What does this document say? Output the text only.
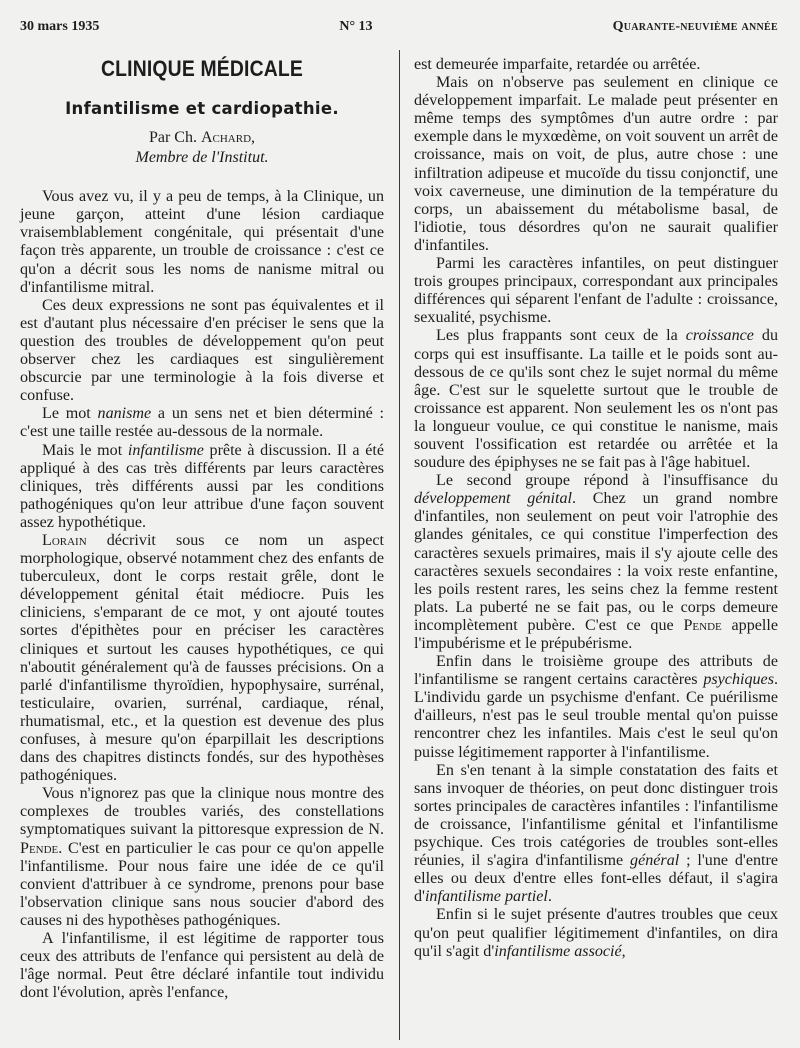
30 mars 1935	N° 13	Quarante-neuvième année
CLINIQUE MÉDICALE
Infantilisme et cardiopathie.

Par Ch. Achard,

Membre de l'Institut.

Vous avez vu, il y a peu de temps, à la Clinique, un jeune garçon, atteint d'une lésion cardiaque vraisemblablement congénitale, qui présentait d'une façon très apparente, un trouble de croissance : c'est ce qu'on a décrit sous les noms de nanisme mitral ou d'infantilisme mitral.

Ces deux expressions ne sont pas équivalentes et il est d'autant plus nécessaire d'en préciser le sens que la question des troubles de développement qu'on peut observer chez les cardiaques est singulièrement obscurcie par une terminologie à la fois diverse et confuse.

Le mot nanisme a un sens net et bien déterminé : c'est une taille restée au-dessous de la normale.

Mais le mot infantilisme prête à discussion. Il a été appliqué à des cas très différents par leurs caractères cliniques, très différents aussi par les conditions pathogéniques qu'on leur attribue d'une façon souvent assez hypothétique.

Lorain décrivit sous ce nom un aspect morphologique, observé notamment chez des enfants de tuberculeux, dont le corps restait grêle, dont le développement génital était médiocre. Puis les cliniciens, s'emparant de ce mot, y ont ajouté toutes sortes d'épithètes pour en préciser les caractères cliniques et surtout les causes hypothétiques, ce qui n'aboutit généralement qu'à de fausses précisions. On a parlé d'infantilisme thyroïdien, hypophysaire, surrénal, testiculaire, ovarien, surrénal, cardiaque, rénal, rhumatismal, etc., et la question est devenue des plus confuses, à mesure qu'on éparpillait les descriptions dans des chapitres distincts fondés, sur des hypothèses pathogéniques.

Vous n'ignorez pas que la clinique nous montre des complexes de troubles variés, des constellations symptomatiques suivant la pittoresque expression de N. Pende. C'est en particulier le cas pour ce qu'on appelle l'infantilisme. Pour nous faire une idée de ce qu'il convient d'attribuer à ce syndrome, prenons pour base l'observation clinique sans nous soucier d'abord des causes ni des hypothèses pathogéniques.

A l'infantilisme, il est légitime de rapporter tous ceux des attributs de l'enfance qui persistent au delà de l'âge normal. Peut être déclaré infantile tout individu dont l'évolution, après l'enfance,

est demeurée imparfaite, retardée ou arrêtée.

Mais on n'observe pas seulement en clinique ce développement imparfait. Le malade peut présenter en même temps des symptômes d'un autre ordre : par exemple dans le myxœdème, on voit souvent un arrêt de croissance, mais on voit, de plus, autre chose : une infiltration adipeuse et mucoïde du tissu conjonctif, une voix caverneuse, une diminution de la température du corps, un abaissement du métabolisme basal, de l'idiotie, tous désordres qu'on ne saurait qualifier d'infantiles.

Parmi les caractères infantiles, on peut distinguer trois groupes principaux, correspondant aux principales différences qui séparent l'enfant de l'adulte : croissance, sexualité, psychisme.

Les plus frappants sont ceux de la croissance du corps qui est insuffisante. La taille et le poids sont au-dessous de ce qu'ils sont chez le sujet normal du même âge. C'est sur le squelette surtout que le trouble de croissance est apparent. Non seulement les os n'ont pas la longueur voulue, ce qui constitue le nanisme, mais souvent l'ossification est retardée ou arrêtée et la soudure des épiphyses ne se fait pas à l'âge habituel.

Le second groupe répond à l'insuffisance du développement génital. Chez un grand nombre d'infantiles, non seulement on peut voir l'atrophie des glandes génitales, ce qui constitue l'imperfection des caractères sexuels primaires, mais il s'y ajoute celle des caractères sexuels secondaires : la voix reste enfantine, les poils restent rares, les seins chez la femme restent plats. La puberté ne se fait pas, ou le corps demeure incomplètement pubère. C'est ce que Pende appelle l'impubérisme et le prépubérisme.

Enfin dans le troisième groupe des attributs de l'infantilisme se rangent certains caractères psychiques. L'individu garde un psychisme d'enfant. Ce puérilisme d'ailleurs, n'est pas le seul trouble mental qu'on puisse rencontrer chez les infantiles. Mais c'est le seul qu'on puisse légitimement rapporter à l'infantilisme.

En s'en tenant à la simple constatation des faits et sans invoquer de théories, on peut donc distinguer trois sortes principales de caractères infantiles : l'infantilisme de croissance, l'infantilisme génital et l'infantilisme psychique. Ces trois catégories de troubles sont-elles réunies, il s'agira d'infantilisme général ; l'une d'entre elles ou deux d'entre elles font-elles défaut, il s'agira d'infantilisme partiel.

Enfin si le sujet présente d'autres troubles que ceux qu'on peut qualifier légitimement d'infantiles, on dira qu'il s'agit d'infantilisme associé,
